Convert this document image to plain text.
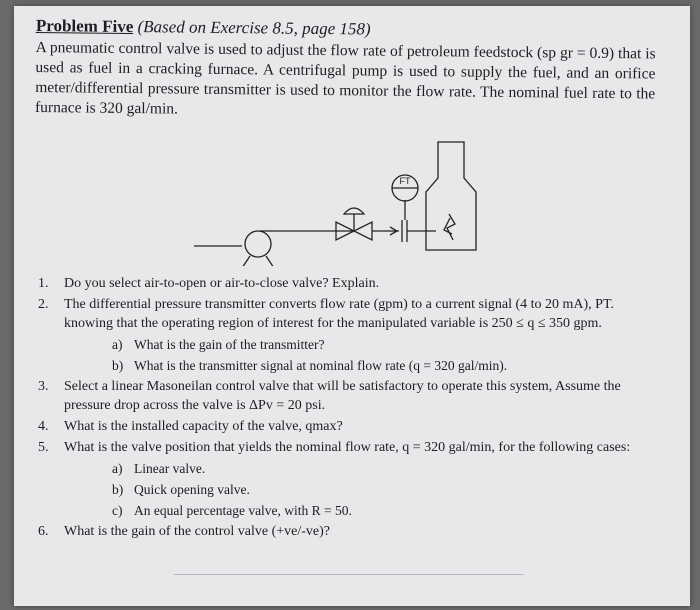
Problem Five (Based on Exercise 8.5, page 158)

A pneumatic control valve is used to adjust the flow rate of petroleum feedstock (sp gr = 0.9) that is used as fuel in a cracking furnace. A centrifugal pump is used to supply the fuel, and an orifice meter/differential pressure transmitter is used to monitor the flow rate. The nominal fuel rate to the furnace is 320 gal/min.

FT
1.	Do you select air-to-open or air-to-close valve? Explain.
2.	The differential pressure transmitter converts flow rate (gpm) to a current signal (4 to 20 mA), PT. knowing that the operating region of interest for the manipulated variable is 250 ≤ q ≤ 350 gpm.
a) What is the gain of the transmitter?
b) What is the transmitter signal at nominal flow rate (q = 320 gal/min).
3.	Select a linear Masoneilan control valve that will be satisfactory to operate this system, Assume the pressure drop across the valve is ΔPv = 20 psi.
4.	What is the installed capacity of the valve, qmax?
5.	What is the valve position that yields the nominal flow rate, q = 320 gal/min, for the following cases:
a) Linear valve.
b) Quick opening valve.
c) An equal percentage valve, with R = 50.
6.	What is the gain of the control valve (+ve/-ve)?
